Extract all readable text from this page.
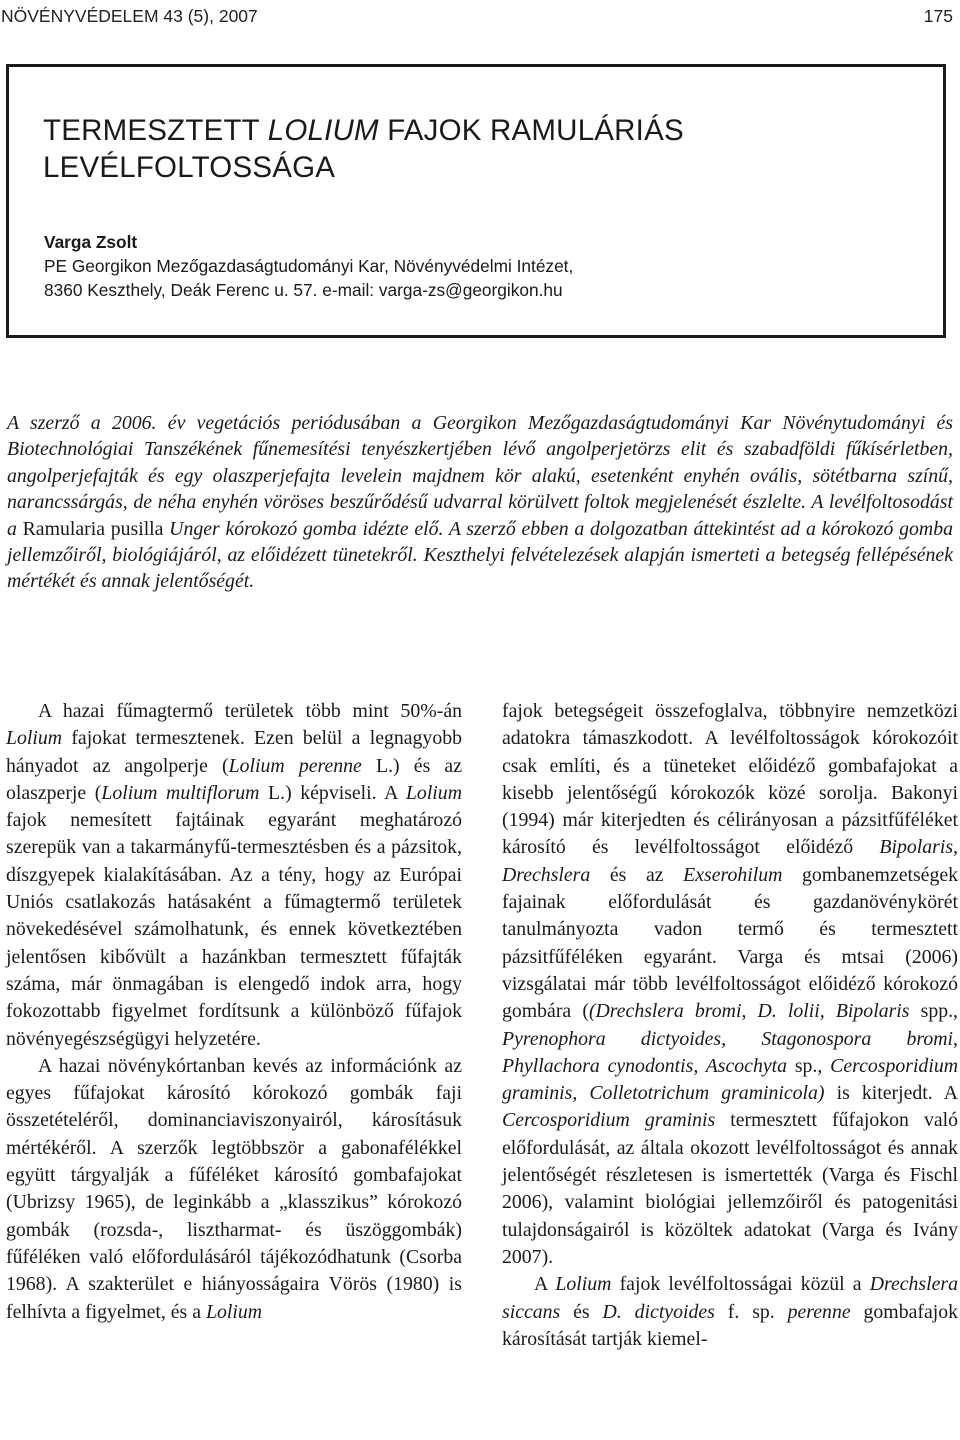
NÖVÉNYVÉDELEM 43 (5), 2007	175
TERMESZTETT LOLIUM FAJOK RAMULÁRIÁS
LEVÉLFOLTOSSÁGA
Varga Zsolt
PE Georgikon Mezőgazdaságtudományi Kar, Növényvédelmi Intézet,
8360 Keszthely, Deák Ferenc u. 57. e-mail: varga-zs@georgikon.hu

A szerző a 2006. év vegetációs periódusában a Georgikon Mezőgazdaságtudományi Kar Növénytudományi és Biotechnológiai Tanszékének fűnemesítési tenyészkertjében lévő angolperjetörzs elit és szabadföldi fűkísérletben, angolperjefajták és egy olaszperjefajta levelein majdnem kör alakú, esetenként enyhén ovális, sötétbarna színű, narancssárgás, de néha enyhén vöröses beszűrődésű udvarral körülvett foltok megjelenését észlelte. A levélfoltosodást a Ramularia pusilla Unger kórokozó gomba idézte elő. A szerző ebben a dolgozatban áttekintést ad a kórokozó gomba jellemzőiről, biológiájáról, az előidézett tünetekről. Keszthelyi felvételezések alapján ismerteti a betegség fellépésének mértékét és annak jelentőségét.

A hazai fűmagtermő területek több mint 50%-án Lolium fajokat termesztenek. Ezen belül a legnagyobb hányadot az angolperje (Lolium perenne L.) és az olaszperje (Lolium multiflorum L.) képviseli. A Lolium fajok nemesített fajtáinak egyaránt meghatározó szerepük van a takarmányfű-termesztésben és a pázsitok, díszgyepek kialakításában. Az a tény, hogy az Európai Uniós csatlakozás hatásaként a fűmagtermő területek növekedésével számolhatunk, és ennek következtében jelentősen kibővült a hazánkban termesztett fűfajták száma, már önmagában is elengedő indok arra, hogy fokozottabb figyelmet fordítsunk a különböző fűfajok növényegészségügyi helyzetére.

A hazai növénykórtanban kevés az információnk az egyes fűfajokat károsító kórokozó gombák faji összetételéről, dominanciaviszonyairól, károsításuk mértékéről. A szerzők legtöbbször a gabonafélékkel együtt tárgyalják a fűféléket károsító gombafajokat (Ubrizsy 1965), de leginkább a „klasszikus” kórokozó gombák (rozsda-, lisztharmat- és üszöggombák) fűféléken való előfordulásáról tájékozódhatunk (Csorba 1968). A szakterület e hiányosságaira Vörös (1980) is felhívta a figyelmet, és a Lolium

fajok betegségeit összefoglalva, többnyire nemzetközi adatokra támaszkodott. A levélfoltosságok kórokozóit csak említi, és a tüneteket előidéző gombafajokat a kisebb jelentőségű kórokozók közé sorolja. Bakonyi (1994) már kiterjedten és célirányosan a pázsitfűféléket károsító és levélfoltosságot előidéző Bipolaris, Drechslera és az Exserohilum gombanemzetségek fajainak előfordulását és gazdanövénykörét tanulmányozta vadon termő és termesztett pázsitfűféléken egyaránt. Varga és mtsai (2006) vizsgálatai már több levélfoltosságot előidéző kórokozó gombára ((Drechslera bromi, D. lolii, Bipolaris spp., Pyrenophora dictyoides, Stagonospora bromi, Phyllachora cynodontis, Ascochyta sp., Cercosporidium graminis, Colletotrichum graminicola) is kiterjedt. A Cercosporidium graminis termesztett fűfajokon való előfordulását, az általa okozott levélfoltosságot és annak jelentőségét részletesen is ismertették (Varga és Fischl 2006), valamint biológiai jellemzőiről és patogenitási tulajdonságairól is közöltek adatokat (Varga és Ivány 2007).

A Lolium fajok levélfoltosságai közül a Drechslera siccans és D. dictyoides f. sp. perenne gombafajok károsítását tartják kiemel-
